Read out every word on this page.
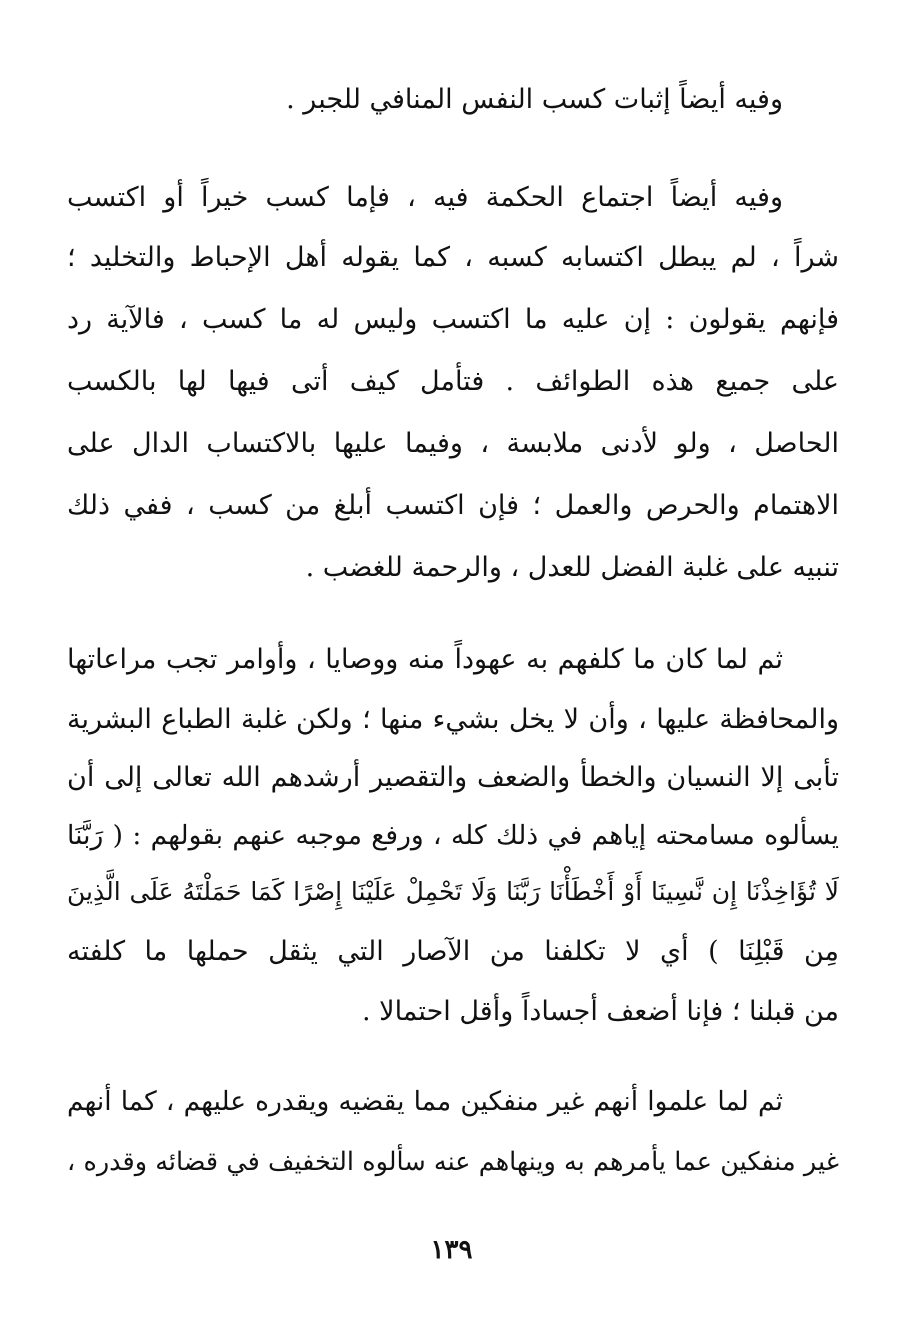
وفيه أيضاً إثبات كسب النفس المنافي للجبر .
وفيه أيضاً اجتماع الحكمة فيه ، فإما كسب خيراً أو اكتسب
شراً ، لم يبطل اكتسابه كسبه ، كما يقوله أهل الإحباط والتخليد ؛
فإنهم يقولون : إن عليه ما اكتسب وليس له ما كسب ، فالآية رد
على جميع هذه الطوائف . فتأمل كيف أتى فيها لها بالكسب
الحاصل ، ولو لأدنى ملابسة ، وفيما عليها بالاكتساب الدال على
الاهتمام والحرص والعمل ؛ فإن اكتسب أبلغ من كسب ، ففي ذلك
تنبيه على غلبة الفضل للعدل ، والرحمة للغضب .
ثم لما كان ما كلفهم به عهوداً منه ووصايا ، وأوامر تجب مراعاتها
والمحافظة عليها ، وأن لا يخل بشيء منها ؛ ولكن غلبة الطباع البشرية
تأبى إلا النسيان والخطأ والضعف والتقصير أرشدهم الله تعالى إلى أن
يسألوه مسامحته إياهم في ذلك كله ، ورفع موجبه عنهم بقولهم : ( رَبَّنَا
لَا تُؤَاخِذْنَا إِن نَّسِينَا أَوْ أَخْطَأْنَا رَبَّنَا وَلَا تَحْمِلْ عَلَيْنَا إِصْرًا كَمَا حَمَلْتَهُ عَلَى الَّذِينَ
مِن قَبْلِنَا ) أي لا تكلفنا من الآصار التي يثقل حملها ما كلفته
من قبلنا ؛ فإنا أضعف أجساداً وأقل احتمالا .
ثم لما علموا أنهم غير منفكين مما يقضيه ويقدره عليهم ، كما أنهم
غير منفكين عما يأمرهم به وينهاهم عنه سألوه التخفيف في قضائه وقدره ،
١٣٩
